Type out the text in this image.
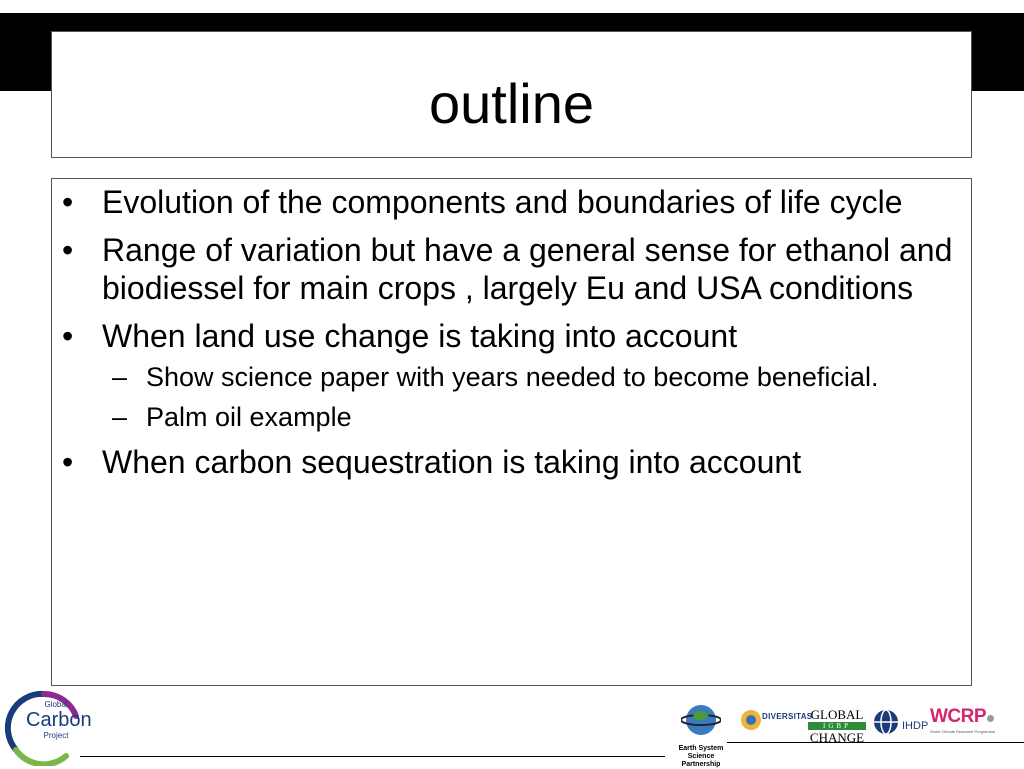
outline
• Evolution of the components and boundaries of life cycle
• Range of variation but have a general sense for ethanol and biodiessel for main crops , largely Eu and USA conditions
• When land use change is taking into account
– Show science paper with years needed to become beneficial.
– Palm oil example
• When carbon sequestration is taking into account
Global
Carbon
Project
Earth System
Science Partnership
DIVERSITAS
GLOBAL
IGBP
CHANGE
IHDP WCRP
World Climate Research Programme
